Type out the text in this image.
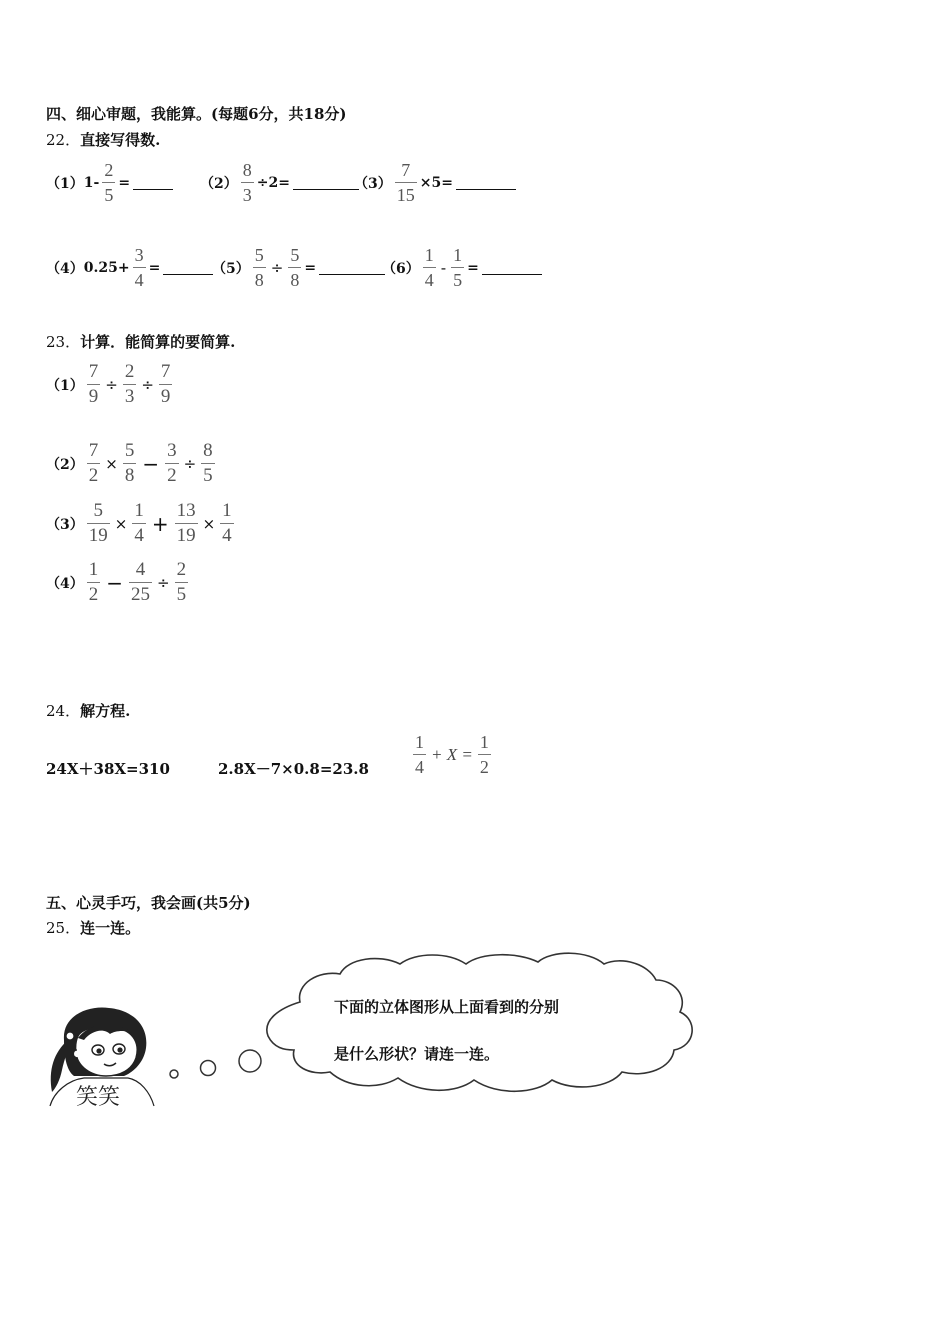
四、细心审题，我能算。(每题6分，共18分)
22．直接写得数.
（1） $1- \frac{2}{5}$ =	$(2) \frac{8}{3} \div 2=$	$(3) \frac{7}{15} \times 5=$
（4） $0.25+ \frac{3}{4}$ =	$(5) \frac{5}{8} \div \frac{5}{8}$ =	$(6) \frac{1}{4} - \frac{1}{5}$ =
23．计算．能简算的要简算.
$(1) \frac{7}{9} \div \frac{2}{3} \div \frac{7}{9}$
$(2) \frac{7}{2} \times \frac{5}{8} - \frac{3}{2} \div \frac{8}{5}$
$(3) \frac{5}{19} \times \frac{1}{4} + \frac{13}{19} \times \frac{1}{4}$
$(4) \frac{1}{2} - \frac{4}{25} \div \frac{2}{5}$
24．解方程.
24X＋38X=310	$2.8X-7\times 0.8=23.8 \frac{1}{4} + X = \frac{1}{2}$
五、心灵手巧，我会画(共5分)
25．连一连。
笑笑
下面的立体图形从上面看到的分别
是什么形状？请连一连。
